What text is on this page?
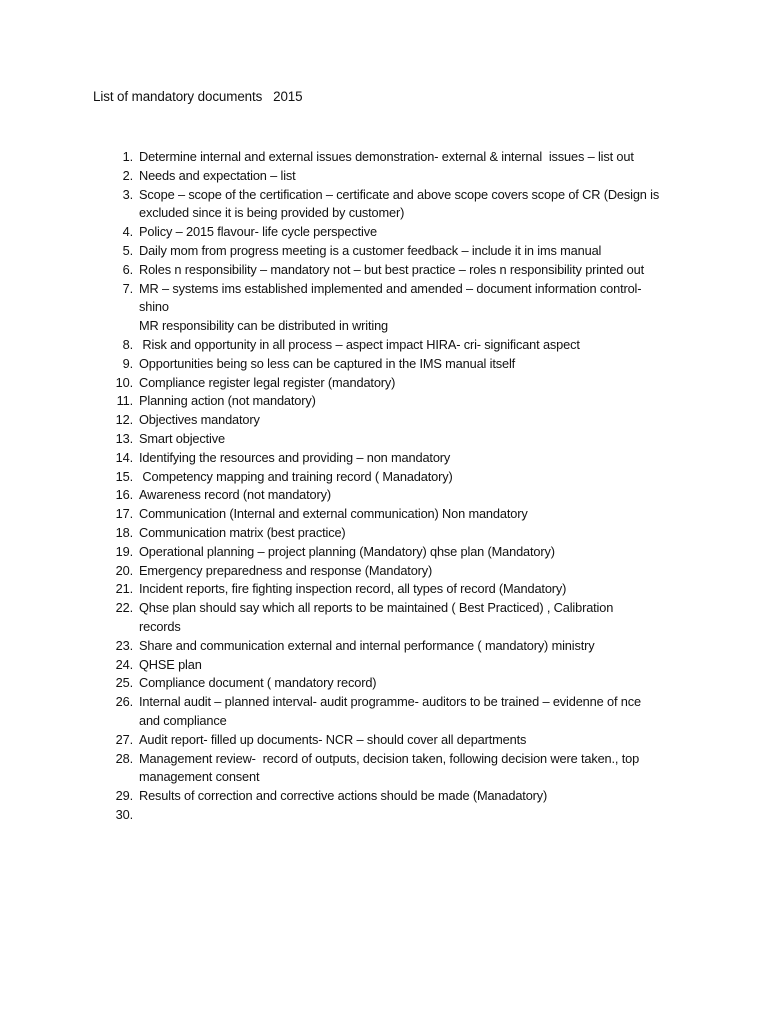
List of mandatory documents   2015
1. Determine internal and external issues demonstration- external & internal  issues – list out
2. Needs and expectation – list
3. Scope – scope of the certification – certificate and above scope covers scope of CR (Design is
excluded since it is being provided by customer)
4. Policy – 2015 flavour- life cycle perspective
5. Daily mom from progress meeting is a customer feedback – include it in ims manual
6. Roles n responsibility – mandatory not – but best practice – roles n responsibility printed out
7. MR – systems ims established implemented and amended – document information control-
shino
MR responsibility can be distributed in writing
8. Risk and opportunity in all process – aspect impact HIRA- cri- significant aspect
9. Opportunities being so less can be captured in the IMS manual itself
10. Compliance register legal register (mandatory)
11. Planning action (not mandatory)
12. Objectives mandatory
13. Smart objective
14. Identifying the resources and providing – non mandatory
15. Competency mapping and training record ( Manadatory)
16. Awareness record (not mandatory)
17. Communication (Internal and external communication) Non mandatory
18. Communication matrix (best practice)
19. Operational planning – project planning (Mandatory) qhse plan (Mandatory)
20. Emergency preparedness and response (Mandatory)
21. Incident reports, fire fighting inspection record, all types of record (Mandatory)
22. Qhse plan should say which all reports to be maintained ( Best Practiced) , Calibration
records
23. Share and communication external and internal performance ( mandatory) ministry
24. QHSE plan
25. Compliance document ( mandatory record)
26. Internal audit – planned interval- audit programme- auditors to be trained – evidenne of nce
and compliance
27. Audit report- filled up documents- NCR – should cover all departments
28. Management review-  record of outputs, decision taken, following decision were taken., top
management consent
29. Results of correction and corrective actions should be made (Manadatory)
30.
